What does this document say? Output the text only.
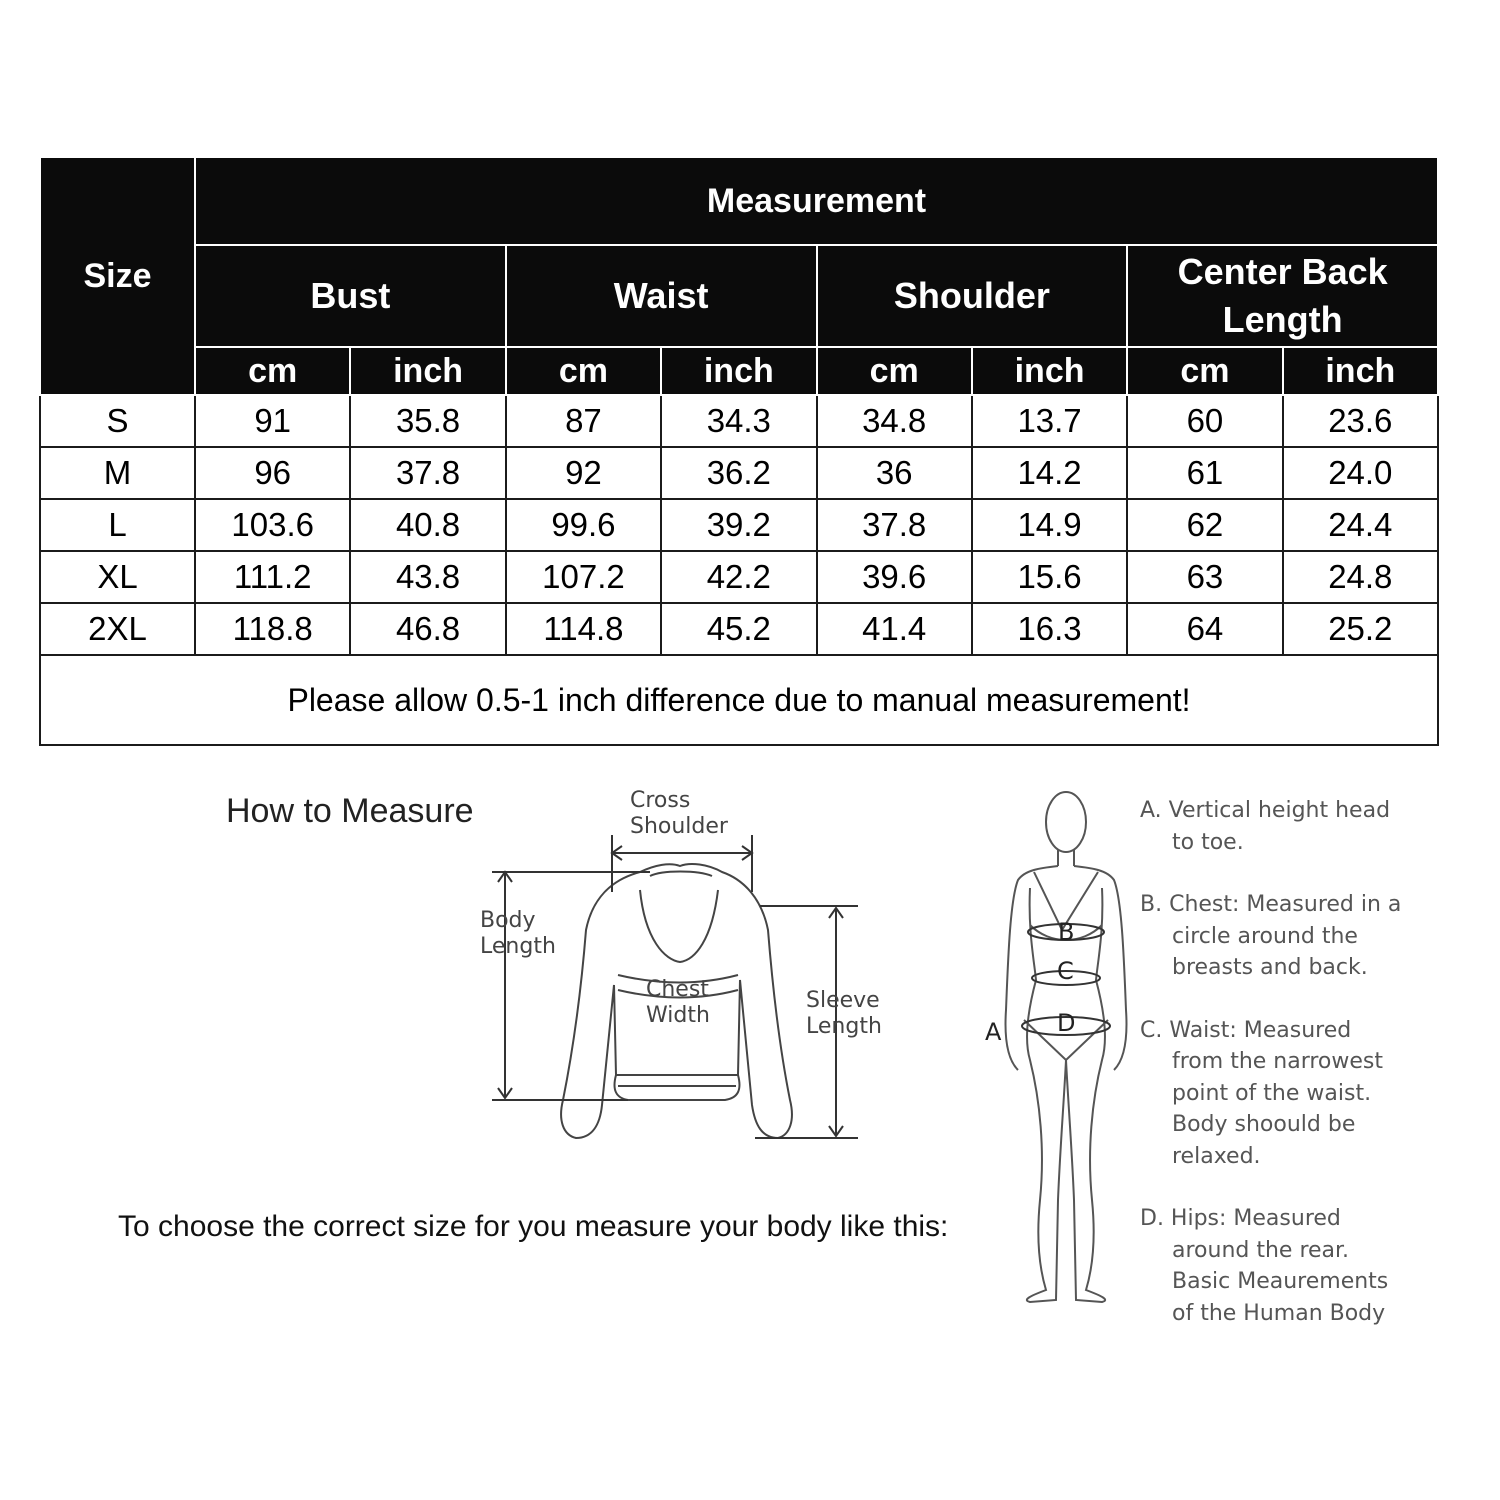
Size	Measurement							
	Bust		Waist		Shoulder		Center Back Length	
	cm	inch	cm	inch	cm	inch	cm	inch
S	91	35.8	87	34.3	34.8	13.7	60	23.6
M	96	37.8	92	36.2	36	14.2	61	24.0
L	103.6	40.8	99.6	39.2	37.8	14.9	62	24.4
XL	111.2	43.8	107.2	42.2	39.6	15.6	63	24.8
2XL	118.8	46.8	114.8	45.2	41.4	16.3	64	25.2
Please allow 0.5-1 inch difference due to manual measurement!								
How to Measure
B
C
D
A
Cross
Shoulder
Body
Length
Chest
Width
Sleeve
Length
To choose the correct size for you measure your body like this:
A. Vertical height head
to toe.
B. Chest: Measured in a
circle around the
breasts and back.
C. Waist: Measured
from the narrowest
point of the waist.
Body shoould be
relaxed.
D. Hips: Measured
around the rear.
Basic Meaurements
of the Human Body
